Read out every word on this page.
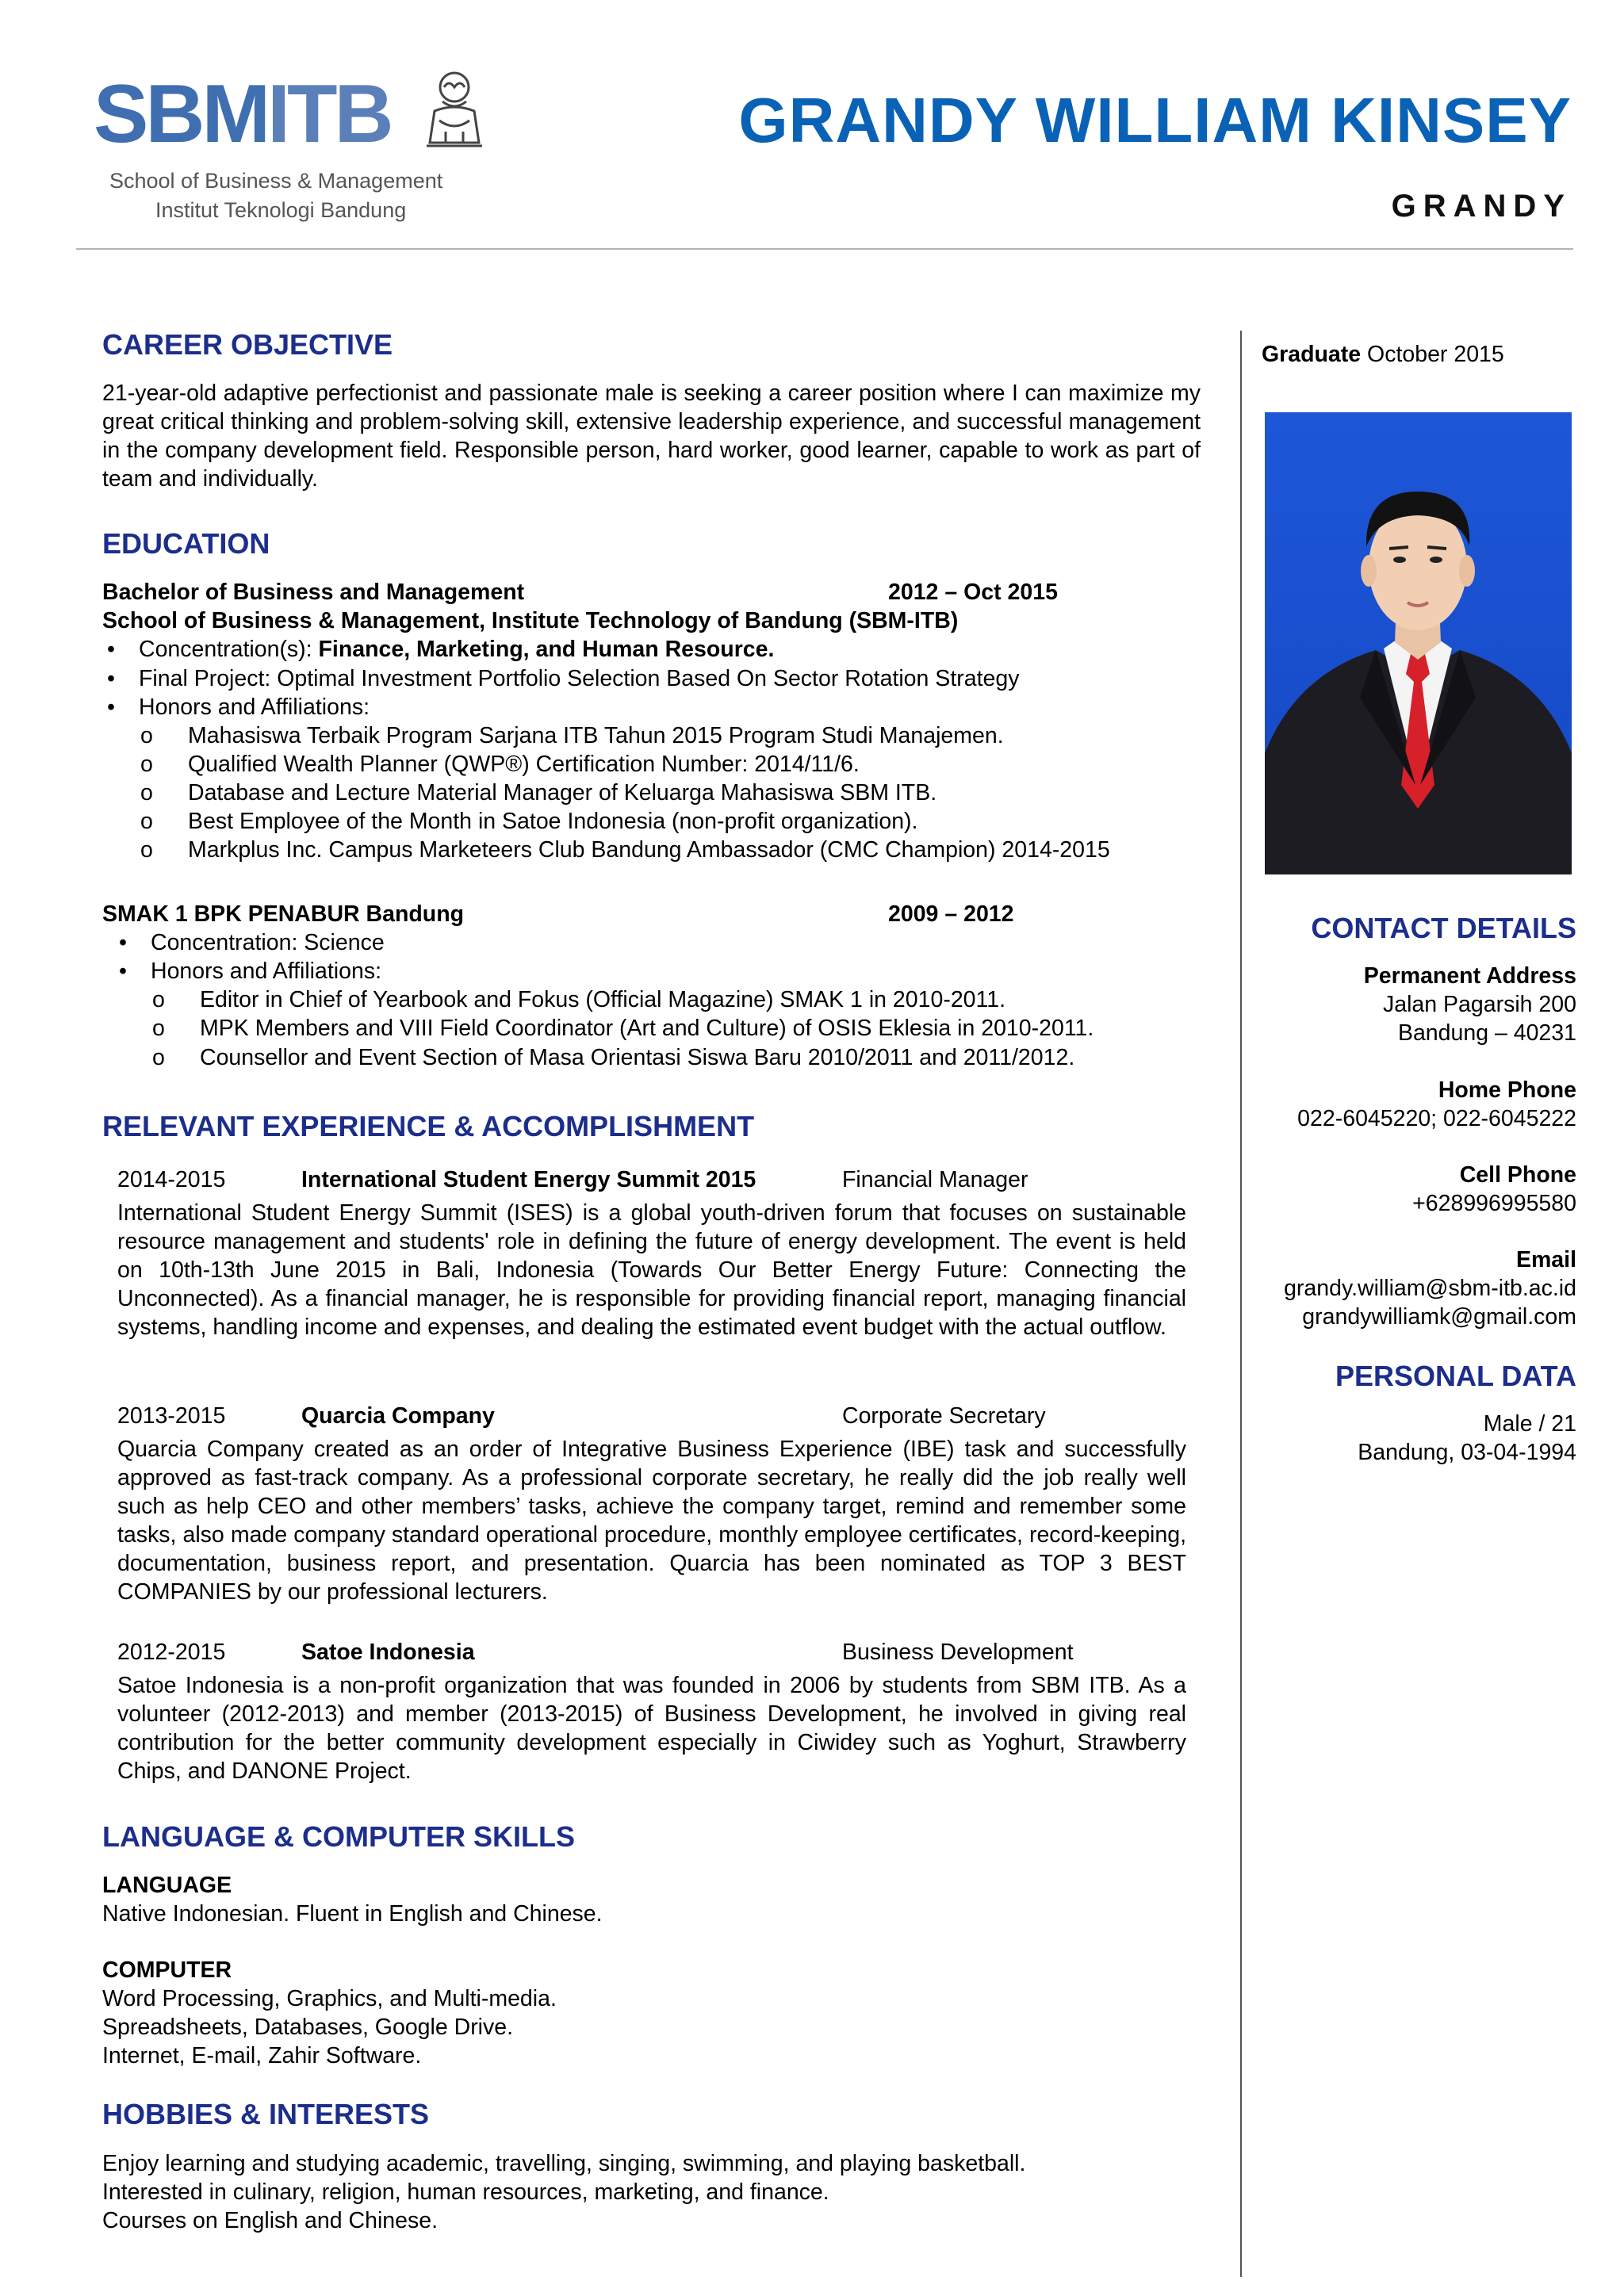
SBMITB
School of Business & Management
Institut Teknologi Bandung
GRANDY WILLIAM KINSEY
GRANDY
CAREER OBJECTIVE
21-year-old adaptive perfectionist and passionate male is seeking a career position where I can maximize my great critical thinking and problem-solving skill, extensive leadership experience, and successful management in the company development field. Responsible person, hard worker, good learner, capable to work as part of team and individually.
EDUCATION
Bachelor of Business and Management	2012 – Oct 2015
School of Business & Management, Institute Technology of Bandung (SBM-ITB)
• Concentration(s): Finance, Marketing, and Human Resource.
• Final Project: Optimal Investment Portfolio Selection Based On Sector Rotation Strategy
• Honors and Affiliations:
o Mahasiswa Terbaik Program Sarjana ITB Tahun 2015 Program Studi Manajemen.
o Qualified Wealth Planner (QWP®) Certification Number: 2014/11/6.
o Database and Lecture Material Manager of Keluarga Mahasiswa SBM ITB.
o Best Employee of the Month in Satoe Indonesia (non-profit organization).
o Markplus Inc. Campus Marketeers Club Bandung Ambassador (CMC Champion) 2014-2015
SMAK 1 BPK PENABUR Bandung	2009 – 2012
• Concentration: Science
• Honors and Affiliations:
o Editor in Chief of Yearbook and Fokus (Official Magazine) SMAK 1 in 2010-2011.
o MPK Members and VIII Field Coordinator (Art and Culture) of OSIS Eklesia in 2010-2011.
o Counsellor and Event Section of Masa Orientasi Siswa Baru 2010/2011 and 2011/2012.
RELEVANT EXPERIENCE & ACCOMPLISHMENT
2014-2015	International Student Energy Summit 2015	Financial Manager
International Student Energy Summit (ISES) is a global youth-driven forum that focuses on sustainable resource management and students' role in defining the future of energy development. The event is held on 10th-13th June 2015 in Bali, Indonesia (Towards Our Better Energy Future: Connecting the Unconnected). As a financial manager, he is responsible for providing financial report, managing financial systems, handling income and expenses, and dealing the estimated event budget with the actual outflow.
2013-2015	Quarcia Company	Corporate Secretary
Quarcia Company created as an order of Integrative Business Experience (IBE) task and successfully approved as fast-track company. As a professional corporate secretary, he really did the job really well such as help CEO and other members’ tasks, achieve the company target, remind and remember some tasks, also made company standard operational procedure, monthly employee certificates, record-keeping, documentation, business report, and presentation. Quarcia has been nominated as TOP 3 BEST COMPANIES by our professional lecturers.
2012-2015	Satoe Indonesia	Business Development
Satoe Indonesia is a non-profit organization that was founded in 2006 by students from SBM ITB. As a volunteer (2012-2013) and member (2013-2015) of Business Development, he involved in giving real contribution for the better community development especially in Ciwidey such as Yoghurt, Strawberry Chips, and DANONE Project.
LANGUAGE & COMPUTER SKILLS
LANGUAGE
Native Indonesian. Fluent in English and Chinese.
COMPUTER
Word Processing, Graphics, and Multi-media.
Spreadsheets, Databases, Google Drive.
Internet, E-mail, Zahir Software.
HOBBIES & INTERESTS
Enjoy learning and studying academic, travelling, singing, swimming, and playing basketball.
Interested in culinary, religion, human resources, marketing, and finance.
Courses on English and Chinese.
Graduate October 2015
CONTACT DETAILS
Permanent Address
Jalan Pagarsih 200
Bandung – 40231
Home Phone
022-6045220; 022-6045222
Cell Phone
+628996995580
Email
grandy.william@sbm-itb.ac.id
grandywilliamk@gmail.com
PERSONAL DATA
Male / 21
Bandung, 03-04-1994
